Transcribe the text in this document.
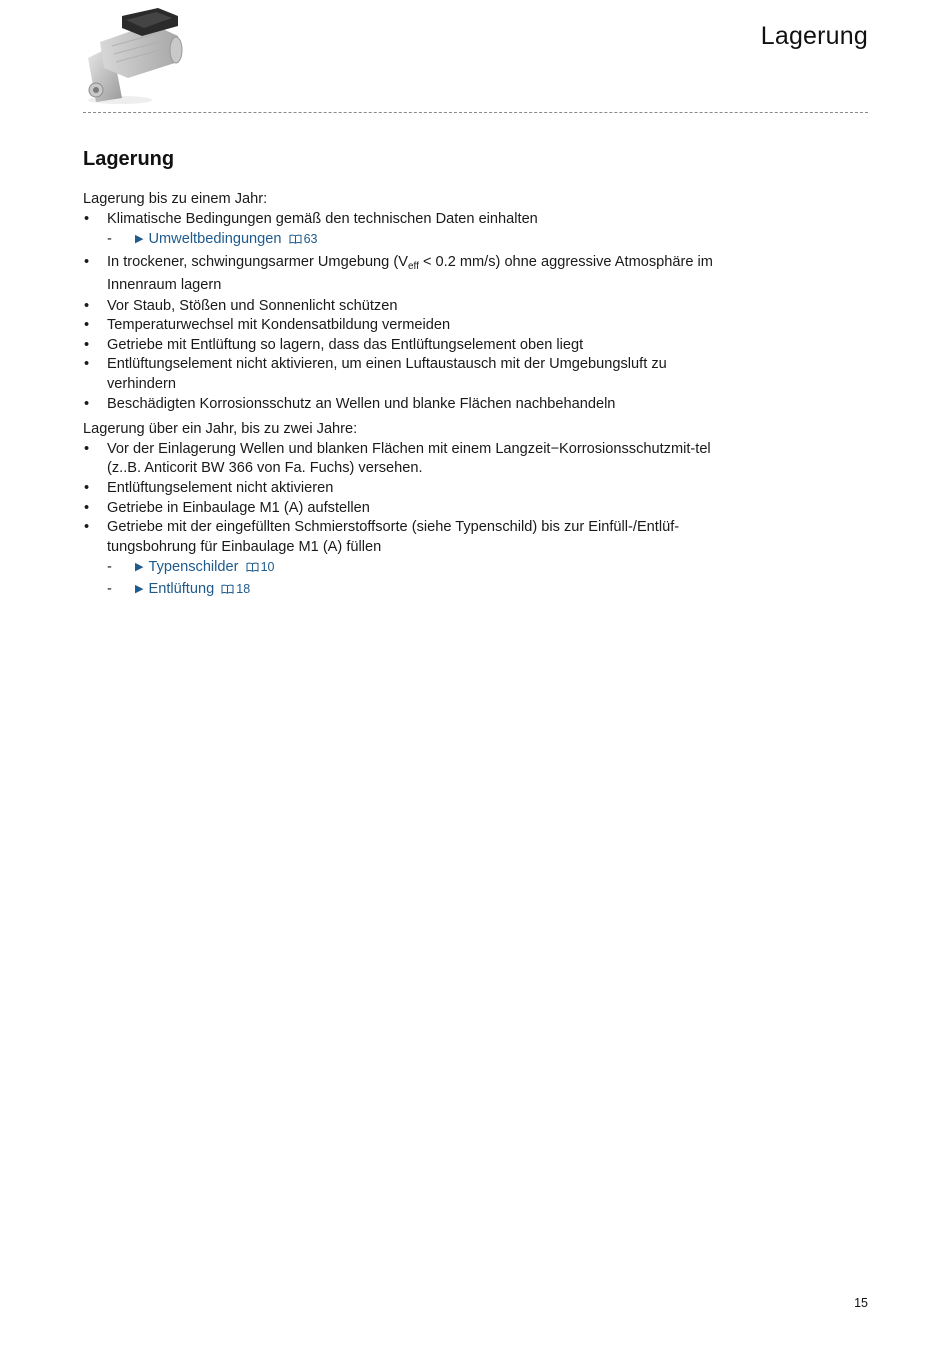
Lagerung
Lagerung

Lagerung bis zu einem Jahr:

• Klimatische Bedingungen gemäß den technischen Daten einhalten
- ▶ Umweltbedingungen 63
• In trockener, schwingungsarmer Umgebung ($V_{eff} < 0.2$ mm/s) ohne aggressive Atmosphäre im Innenraum lagern
• Vor Staub, Stößen und Sonnenlicht schützen
• Temperaturwechsel mit Kondensatbildung vermeiden
• Getriebe mit Entlüftung so lagern, dass das Entlüftungselement oben liegt
• Entlüftungselement nicht aktivieren, um einen Luftaustausch mit der Umgebungsluft zu verhindern
• Beschädigten Korrosionsschutz an Wellen und blanke Flächen nachbehandeln

Lagerung über ein Jahr, bis zu zwei Jahre:

• Vor der Einlagerung Wellen und blanken Flächen mit einem Langzeit−Korrosionsschutzmit-tel (z..B. Anticorit BW 366 von Fa. Fuchs) versehen.
• Entlüftungselement nicht aktivieren
• Getriebe in Einbaulage M1 (A) aufstellen
• Getriebe mit der eingefüllten Schmierstoffsorte (siehe Typenschild) bis zur Einfüll-/Entlüf-tungsbohrung für Einbaulage M1 (A) füllen
- ▶ Typenschilder 10
- ▶ Entlüftung 18
15
